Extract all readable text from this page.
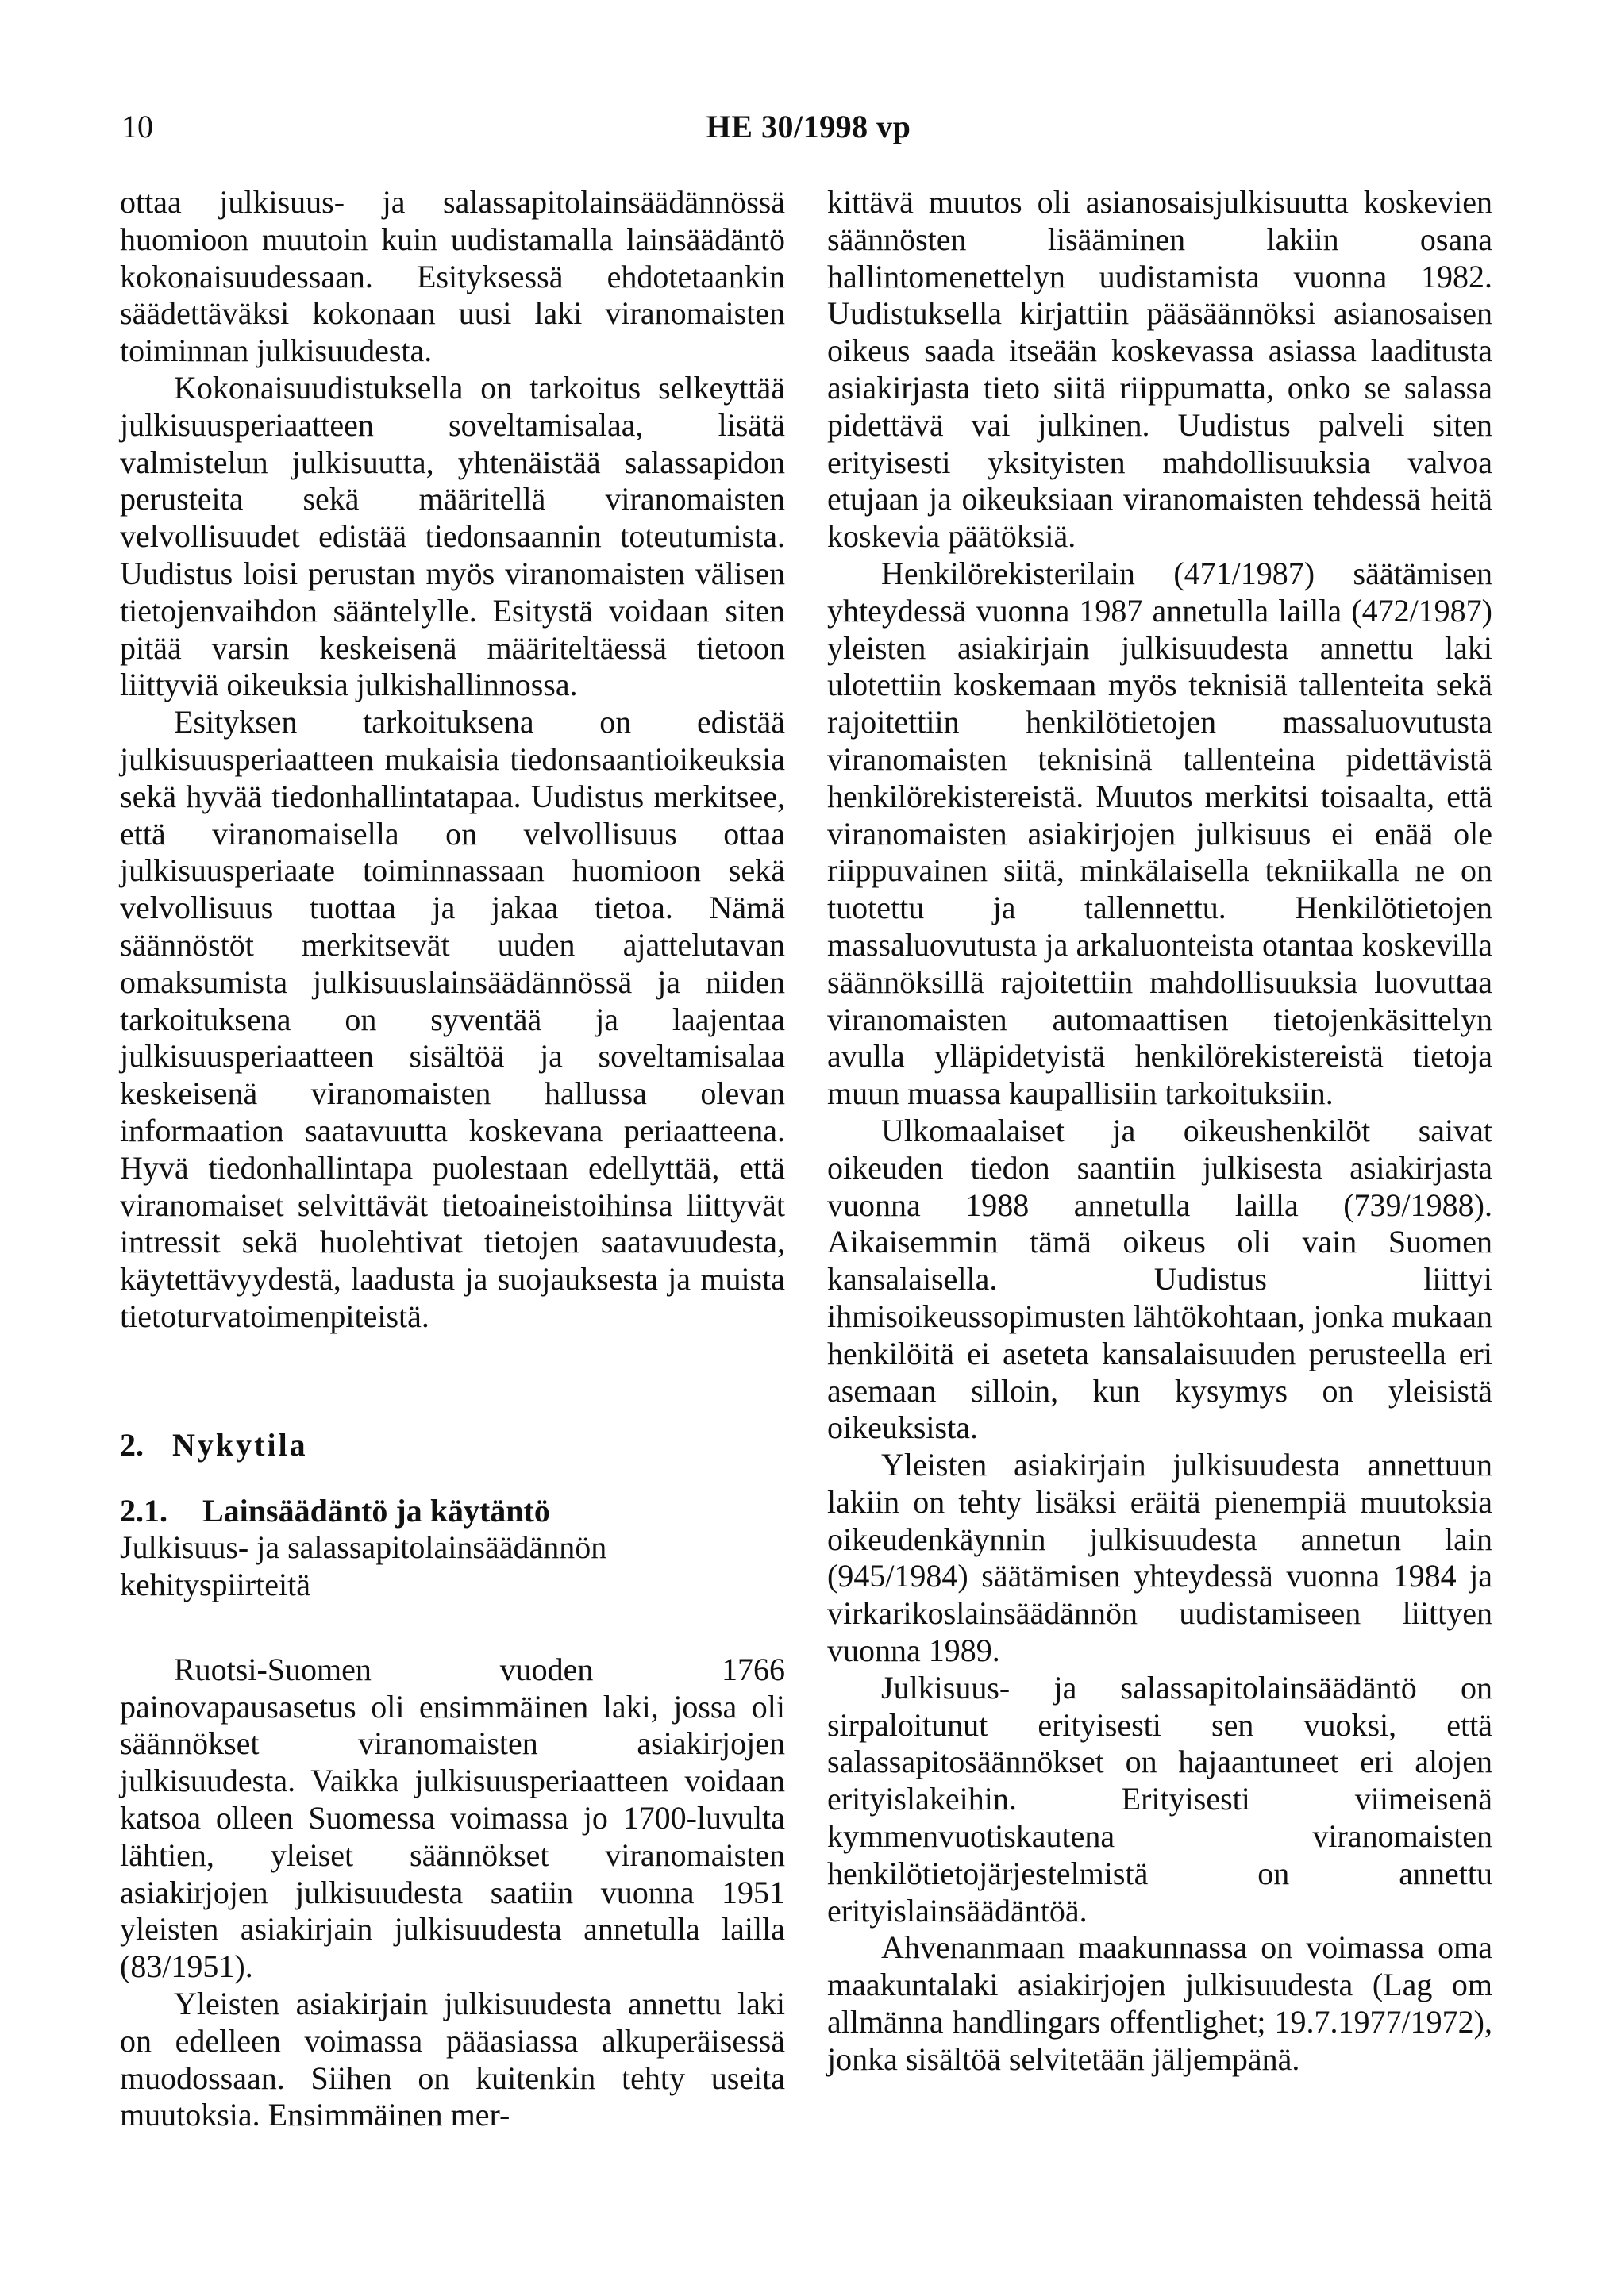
10	HE 30/1998 vp

ottaa julkisuus- ja salassapitolainsäädännössä huomioon muutoin kuin uudistamalla lainsäädäntö kokonaisuudessaan. Esityksessä ehdotetaankin säädettäväksi kokonaan uusi laki viranomaisten toiminnan julkisuudesta.

Kokonaisuudistuksella on tarkoitus selkeyttää julkisuusperiaatteen soveltamisalaa, lisätä valmistelun julkisuutta, yhtenäistää salassapidon perusteita sekä määritellä viranomaisten velvollisuudet edistää tiedonsaannin toteutumista. Uudistus loisi perustan myös viranomaisten välisen tietojenvaihdon sääntelylle. Esitystä voidaan siten pitää varsin keskeisenä määriteltäessä tietoon liittyviä oikeuksia julkishallinnossa.

Esityksen tarkoituksena on edistää julkisuusperiaatteen mukaisia tiedonsaantioikeuksia sekä hyvää tiedonhallintatapaa. Uudistus merkitsee, että viranomaisella on velvollisuus ottaa julkisuusperiaate toiminnassaan huomioon sekä velvollisuus tuottaa ja jakaa tietoa. Nämä säännöstöt merkitsevät uuden ajattelutavan omaksumista julkisuuslainsäädännössä ja niiden tarkoituksena on syventää ja laajentaa julkisuusperiaatteen sisältöä ja soveltamisalaa keskeisenä viranomaisten hallussa olevan informaation saatavuutta koskevana periaatteena. Hyvä tiedonhallintapa puolestaan edellyttää, että viranomaiset selvittävät tietoaineistoihinsa liittyvät intressit sekä huolehtivat tietojen saatavuudesta, käytettävyydestä, laadusta ja suojauksesta ja muista tietoturvatoimenpiteistä.

2. Nykytila
2.1. Lainsäädäntö ja käytäntö

Julkisuus- ja salassapitolainsäädännön kehityspiirteitä

Ruotsi-Suomen vuoden 1766 painovapausasetus oli ensimmäinen laki, jossa oli säännökset viranomaisten asiakirjojen julkisuudesta. Vaikka julkisuusperiaatteen voidaan katsoa olleen Suomessa voimassa jo 1700-luvulta lähtien, yleiset säännökset viranomaisten asiakirjojen julkisuudesta saatiin vuonna 1951 yleisten asiakirjain julkisuudesta annetulla lailla (83/1951).

Yleisten asiakirjain julkisuudesta annettu laki on edelleen voimassa pääasiassa alkuperäisessä muodossaan. Siihen on kuitenkin tehty useita muutoksia. Ensimmäinen mer-

kittävä muutos oli asianosaisjulkisuutta koskevien säännösten lisääminen lakiin osana hallintomenettelyn uudistamista vuonna 1982. Uudistuksella kirjattiin pääsäännöksi asianosaisen oikeus saada itseään koskevassa asiassa laaditusta asiakirjasta tieto siitä riippumatta, onko se salassa pidettävä vai julkinen. Uudistus palveli siten erityisesti yksityisten mahdollisuuksia valvoa etujaan ja oikeuksiaan viranomaisten tehdessä heitä koskevia päätöksiä.

Henkilörekisterilain (471/1987) säätämisen yhteydessä vuonna 1987 annetulla lailla (472/1987) yleisten asiakirjain julkisuudesta annettu laki ulotettiin koskemaan myös teknisiä tallenteita sekä rajoitettiin henkilötietojen massaluovutusta viranomaisten teknisinä tallenteina pidettävistä henkilörekistereistä. Muutos merkitsi toisaalta, että viranomaisten asiakirjojen julkisuus ei enää ole riippuvainen siitä, minkälaisella tekniikalla ne on tuotettu ja tallennettu. Henkilötietojen massaluovutusta ja arkaluonteista otantaa koskevilla säännöksillä rajoitettiin mahdollisuuksia luovuttaa viranomaisten automaattisen tietojenkäsittelyn avulla ylläpidetyistä henkilörekistereistä tietoja muun muassa kaupallisiin tarkoituksiin.

Ulkomaalaiset ja oikeushenkilöt saivat oikeuden tiedon saantiin julkisesta asiakirjasta vuonna 1988 annetulla lailla (739/1988). Aikaisemmin tämä oikeus oli vain Suomen kansalaisella. Uudistus liittyi ihmisoikeussopimusten lähtökohtaan, jonka mukaan henkilöitä ei aseteta kansalaisuuden perusteella eri asemaan silloin, kun kysymys on yleisistä oikeuksista.

Yleisten asiakirjain julkisuudesta annettuun lakiin on tehty lisäksi eräitä pienempiä muutoksia oikeudenkäynnin julkisuudesta annetun lain (945/1984) säätämisen yhteydessä vuonna 1984 ja virkarikoslainsäädännön uudistamiseen liittyen vuonna 1989.

Julkisuus- ja salassapitolainsäädäntö on sirpaloitunut erityisesti sen vuoksi, että salassapitosäännökset on hajaantuneet eri alojen erityislakeihin. Erityisesti viimeisenä kymmenvuotiskautena viranomaisten henkilötietojärjestelmistä on annettu erityislainsäädäntöä.

Ahvenanmaan maakunnassa on voimassa oma maakuntalaki asiakirjojen julkisuudesta (Lag om allmänna handlingars offentlighet; 19.7.1977/1972), jonka sisältöä selvitetään jäljempänä.
